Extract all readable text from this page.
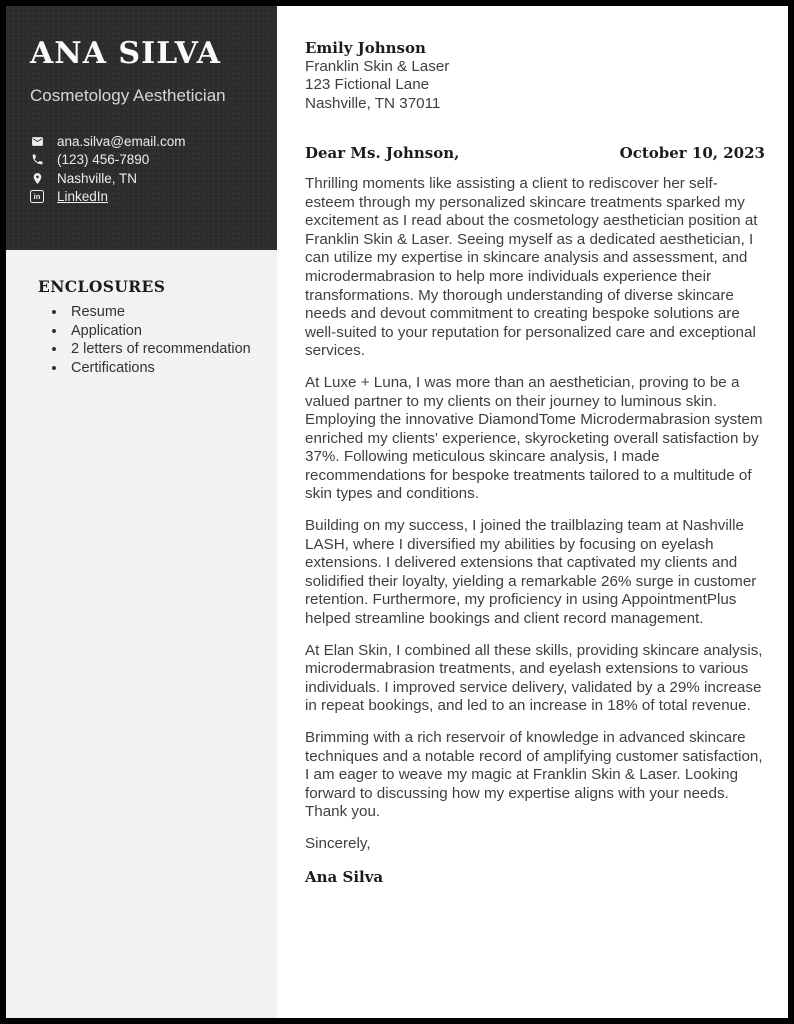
ANA SILVA
Cosmetology Aesthetician
ana.silva@email.com
(123) 456-7890
Nashville, TN
in LinkedIn
ENCLOSURES
• Resume
• Application
• 2 letters of recommendation
• Certifications
Emily Johnson
Franklin Skin & Laser
123 Fictional Lane
Nashville, TN 37011
Dear Ms. Johnson,	October 10, 2023

Thrilling moments like assisting a client to rediscover her self-esteem through my personalized skincare treatments sparked my excitement as I read about the cosmetology aesthetician position at Franklin Skin & Laser. Seeing myself as a dedicated aesthetician, I can utilize my expertise in skincare analysis and assessment, and microdermabrasion to help more individuals experience their transformations. My thorough understanding of diverse skincare needs and devout commitment to creating bespoke solutions are well-suited to your reputation for personalized care and exceptional services.

At Luxe + Luna, I was more than an aesthetician, proving to be a valued partner to my clients on their journey to luminous skin. Employing the innovative DiamondTome Microdermabrasion system enriched my clients' experience, skyrocketing overall satisfaction by 37%. Following meticulous skincare analysis, I made recommendations for bespoke treatments tailored to a multitude of skin types and conditions.

Building on my success, I joined the trailblazing team at Nashville LASH, where I diversified my abilities by focusing on eyelash extensions. I delivered extensions that captivated my clients and solidified their loyalty, yielding a remarkable 26% surge in customer retention. Furthermore, my proficiency in using AppointmentPlus helped streamline bookings and client record management.

At Elan Skin, I combined all these skills, providing skincare analysis, microdermabrasion treatments, and eyelash extensions to various individuals. I improved service delivery, validated by a 29% increase in repeat bookings, and led to an increase in 18% of total revenue.

Brimming with a rich reservoir of knowledge in advanced skincare techniques and a notable record of amplifying customer satisfaction, I am eager to weave my magic at Franklin Skin & Laser. Looking forward to discussing how my expertise aligns with your needs. Thank you.

Sincerely,

Ana Silva
